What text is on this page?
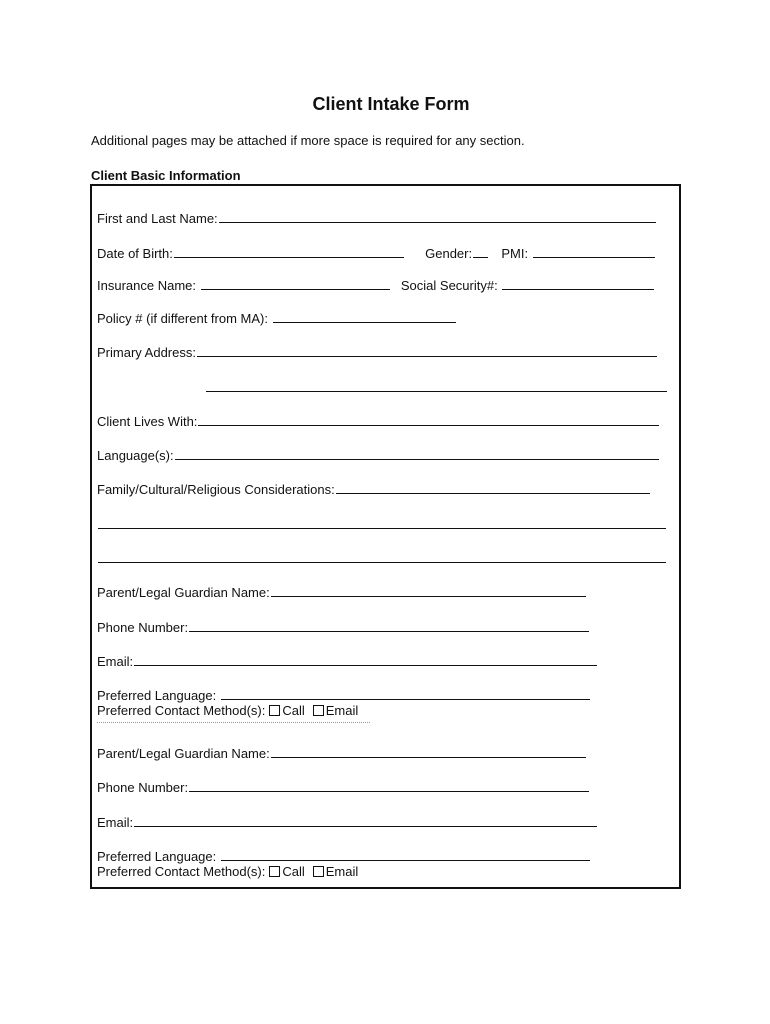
Client Intake Form
Additional pages may be attached if more space is required for any section.
Client Basic Information
First and Last Name:
Date of Birth:	Gender: PMI:
Insurance Name:	Social Security#:
Policy # (if different from MA):
Primary Address:
Client Lives With:
Language(s):
Family/Cultural/Religious Considerations:
Parent/Legal Guardian Name:
Phone Number:
Email:
Preferred Language:
Preferred Contact Method(s): Call Email
Parent/Legal Guardian Name:
Phone Number:
Email:
Preferred Language:
Preferred Contact Method(s): Call Email
